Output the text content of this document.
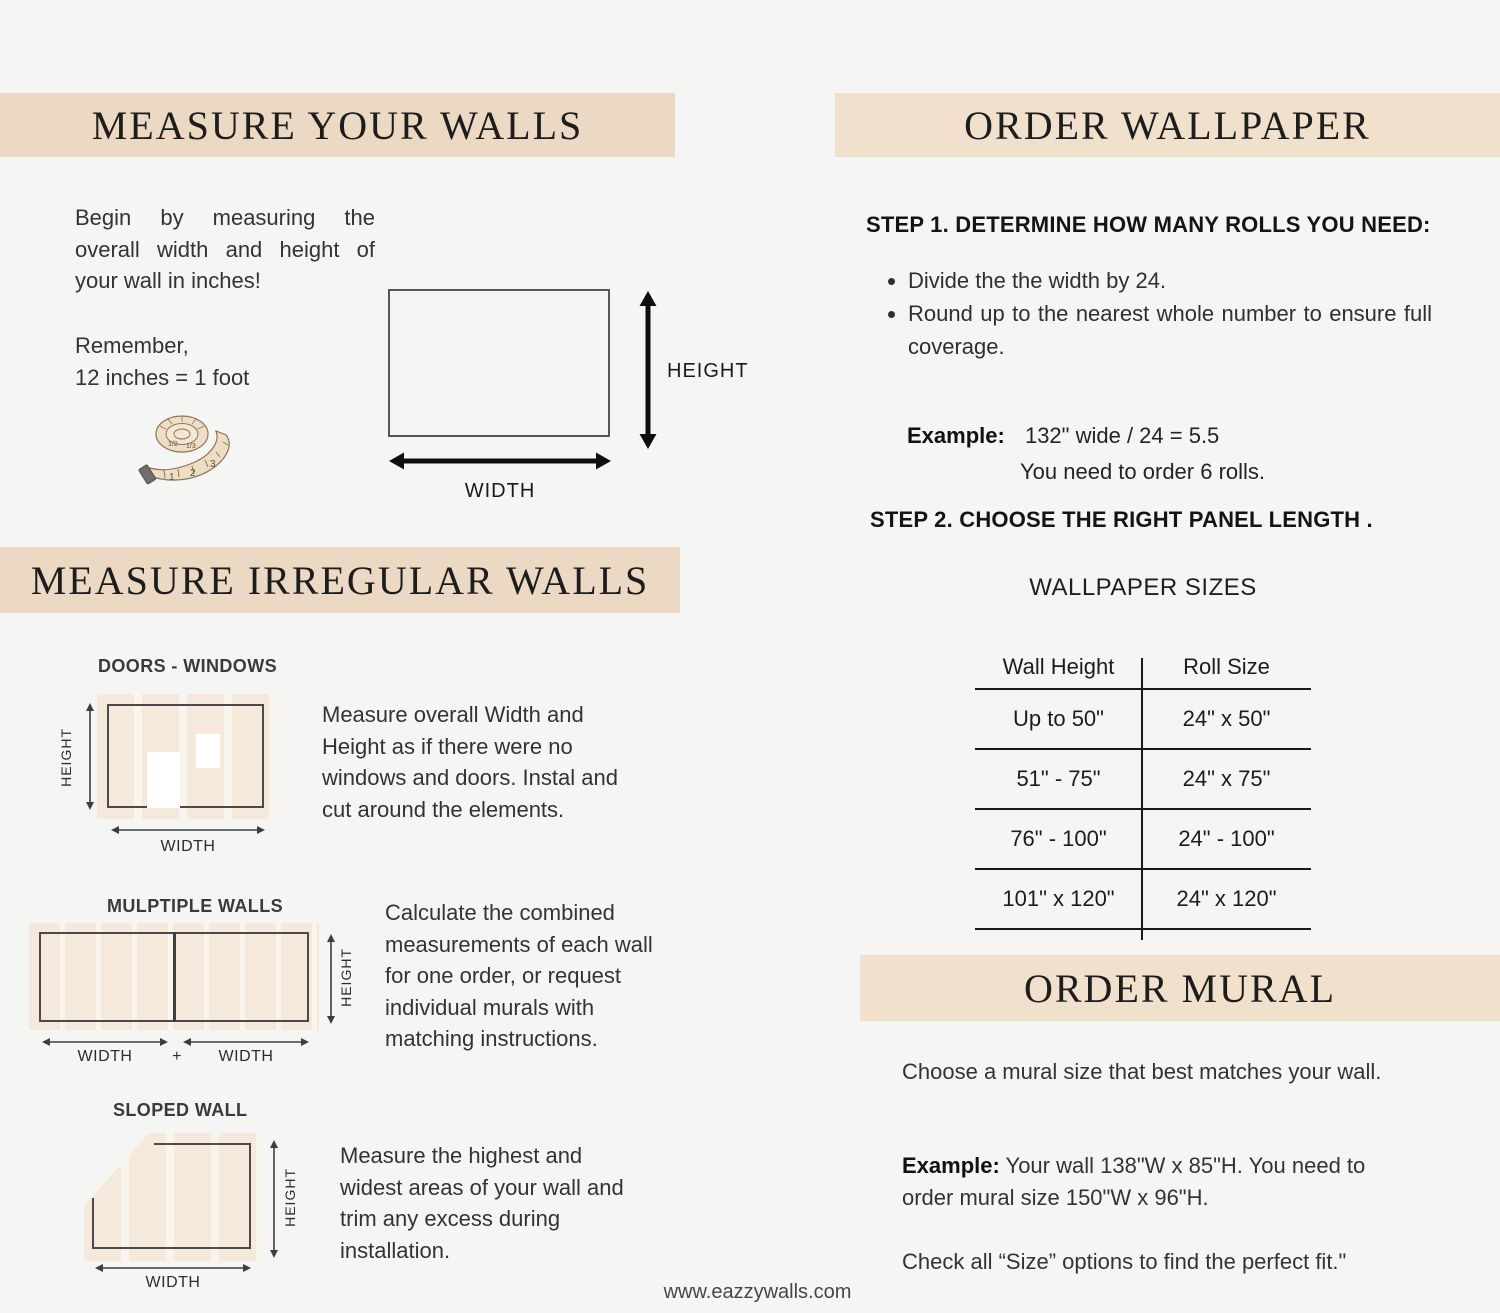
MEASURE YOUR WALLS
Begin by measuring the overall width and height of your wall in inches!
Remember,
12 inches = 1 foot
1 2
3
1/2 1/3
HEIGHT
WIDTH
MEASURE IRREGULAR WALLS
DOORS - WINDOWS
HEIGHT
WIDTH
Measure overall Width and Height as if there were no windows and doors. Instal and cut around the elements.
MULPTIPLE WALLS
HEIGHT
WIDTH	+	WIDTH
Calculate the combined measurements of each wall for one order, or request individual murals with matching instructions.
SLOPED WALL
HEIGHT
WIDTH
Measure the highest and widest areas of your wall and trim any excess during installation.
ORDER WALLPAPER
STEP 1. DETERMINE HOW MANY ROLLS YOU NEED:
• Divide the the width by 24.
• Round up to the nearest whole number to ensure full coverage.
Example: 132" wide / 24 = 5.5
You need to order 6 rolls.
STEP 2. CHOOSE THE RIGHT PANEL LENGTH .
WALLPAPER SIZES
Wall Height	Roll Size
Up to 50"	24" x 50"
51" - 75"	24" x 75"
76" - 100"	24" - 100"
101" x 120"	24" x 120"
ORDER MURAL
Choose a mural size that best matches your wall.
Example: Your wall 138"W x 85"H. You need to order mural size 150"W x 96"H.
Check all “Size” options to find the perfect fit."
www.eazzywalls.com
